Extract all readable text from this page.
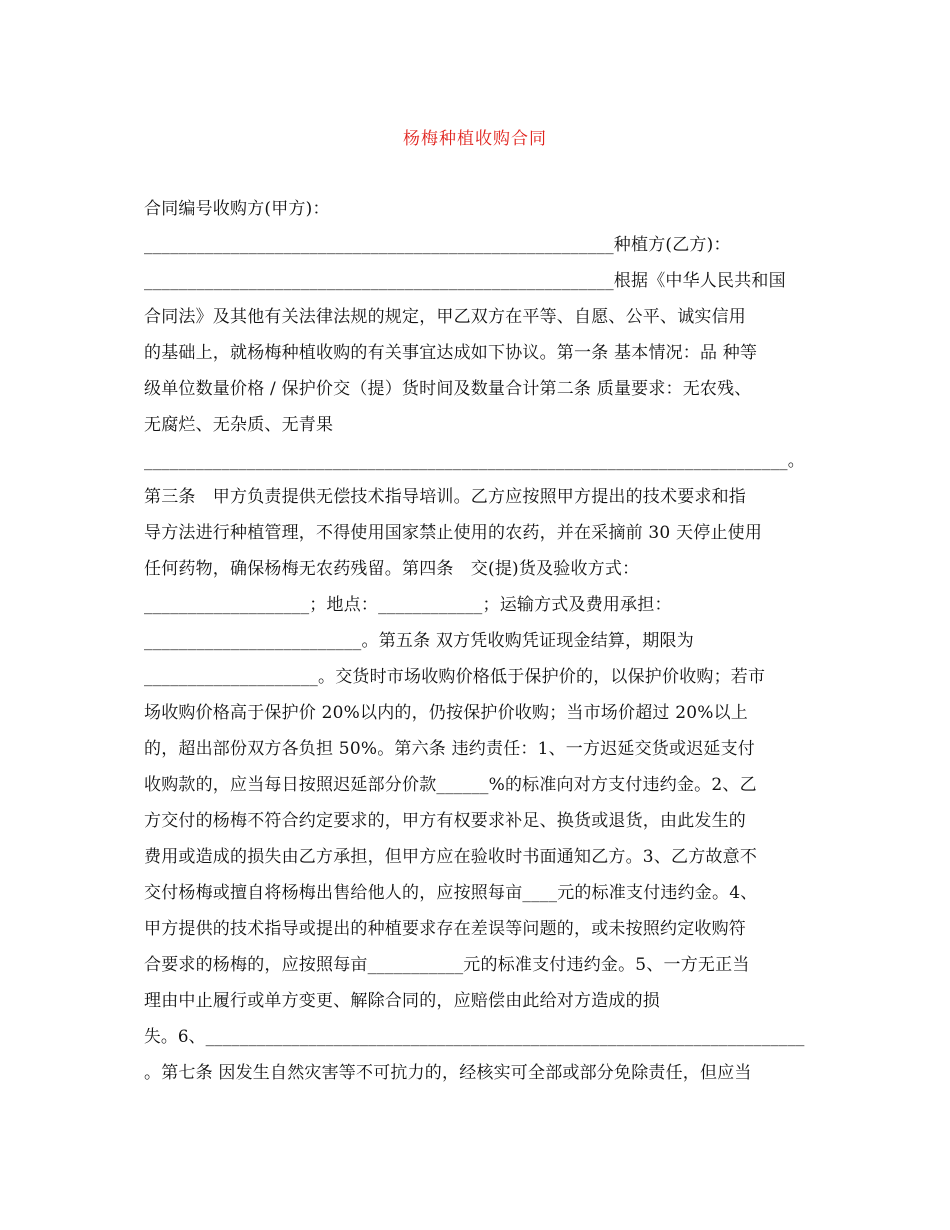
杨梅种植收购合同
合同编号收购方(甲方)：
______________________________________________________种植方(乙方)：
______________________________________________________根据《中华人民共和国
合同法》及其他有关法律法规的规定，甲乙双方在平等、自愿、公平、诚实信用
的基础上，就杨梅种植收购的有关事宜达成如下协议。第一条 基本情况：品 种等
级单位数量价格 / 保护价交（提）货时间及数量合计第二条 质量要求：无农残、
无腐烂、无杂质、无青果
___________________________________________________________________________。
第三条　甲方负责提供无偿技术指导培训。乙方应按照甲方提出的技术要求和指
导方法进行种植管理，不得使用国家禁止使用的农药，并在采摘前 30 天停止使用
任何药物，确保杨梅无农药残留。第四条　交(提)货及验收方式：
___________________；地点：____________；运输方式及费用承担：
_________________________。第五条 双方凭收购凭证现金结算，期限为
____________________。交货时市场收购价格低于保护价的，以保护价收购；若市
场收购价格高于保护价 20%以内的，仍按保护价收购；当市场价超过 20%以上
的，超出部份双方各负担 50%。第六条 违约责任：1、一方迟延交货或迟延支付
收购款的，应当每日按照迟延部分价款______%的标准向对方支付违约金。2、乙
方交付的杨梅不符合约定要求的，甲方有权要求补足、换货或退货，由此发生的
费用或造成的损失由乙方承担，但甲方应在验收时书面通知乙方。3、乙方故意不
交付杨梅或擅自将杨梅出售给他人的，应按照每亩____元的标准支付违约金。4、
甲方提供的技术指导或提出的种植要求存在差误等问题的，或未按照约定收购符
合要求的杨梅的，应按照每亩___________元的标准支付违约金。5、一方无正当
理由中止履行或单方变更、解除合同的，应赔偿由此给对方造成的损
失。6、______________________________________________________________________
。第七条 因发生自然灾害等不可抗力的，经核实可全部或部分免除责任，但应当
